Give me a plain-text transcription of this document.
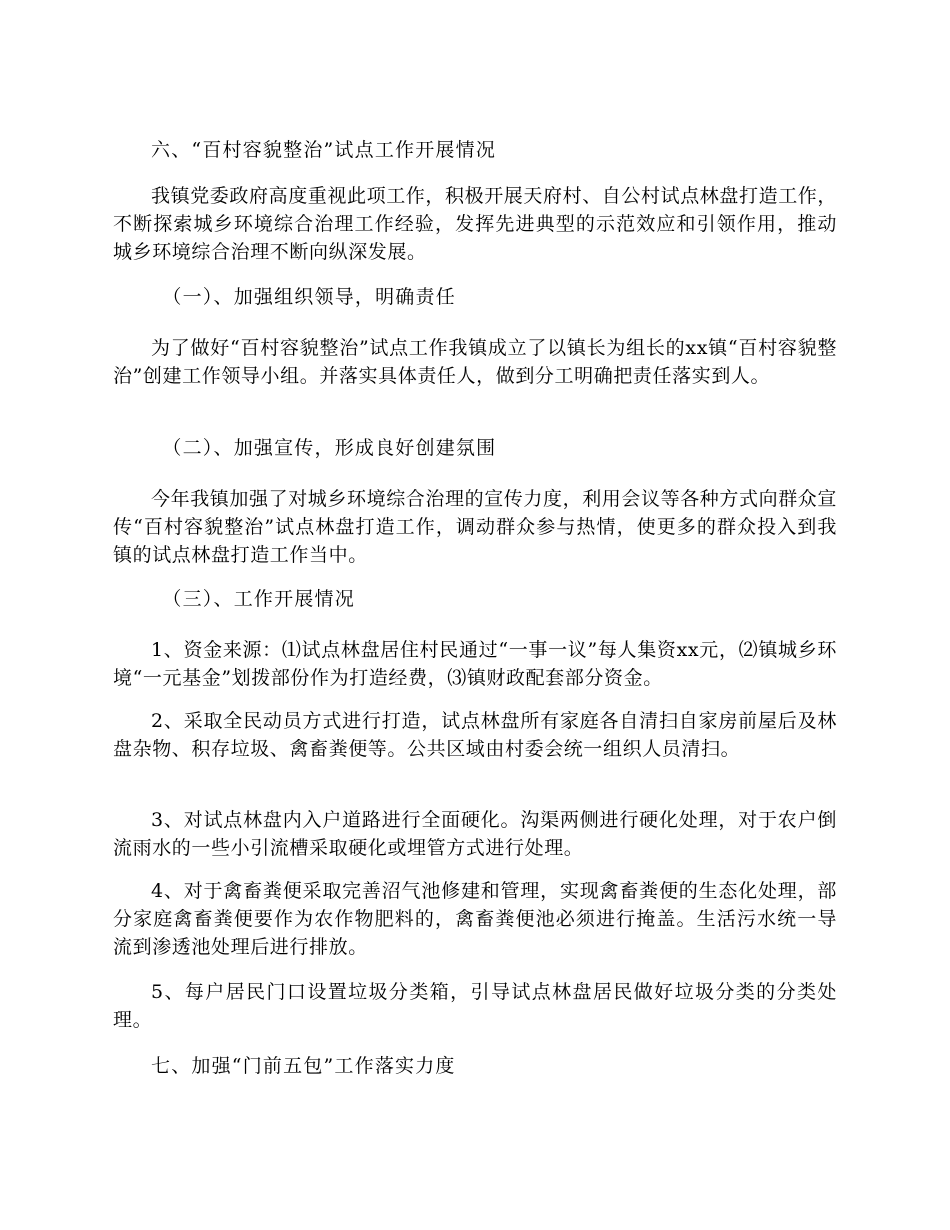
六、“百村容貌整治”试点工作开展情况

我镇党委政府高度重视此项工作，积极开展天府村、自公村试点林盘打造工作，不断探索城乡环境综合治理工作经验，发挥先进典型的示范效应和引领作用，推动城乡环境综合治理不断向纵深发展。

（一）、加强组织领导，明确责任

为了做好“百村容貌整治”试点工作我镇成立了以镇长为组长的xx镇“百村容貌整治”创建工作领导小组。并落实具体责任人，做到分工明确把责任落实到人。

（二）、加强宣传，形成良好创建氛围

今年我镇加强了对城乡环境综合治理的宣传力度，利用会议等各种方式向群众宣传“百村容貌整治”试点林盘打造工作，调动群众参与热情，使更多的群众投入到我镇的试点林盘打造工作当中。

（三）、工作开展情况

1、资金来源：⑴试点林盘居住村民通过“一事一议”每人集资xx元，⑵镇城乡环境“一元基金”划拨部份作为打造经费，⑶镇财政配套部分资金。

2、采取全民动员方式进行打造，试点林盘所有家庭各自清扫自家房前屋后及林盘杂物、积存垃圾、禽畜粪便等。公共区域由村委会统一组织人员清扫。

3、对试点林盘内入户道路进行全面硬化。沟渠两侧进行硬化处理，对于农户倒流雨水的一些小引流槽采取硬化或埋管方式进行处理。

4、对于禽畜粪便采取完善沼气池修建和管理，实现禽畜粪便的生态化处理，部分家庭禽畜粪便要作为农作物肥料的，禽畜粪便池必须进行掩盖。生活污水统一导流到渗透池处理后进行排放。

5、每户居民门口设置垃圾分类箱，引导试点林盘居民做好垃圾分类的分类处理。

七、加强“门前五包”工作落实力度
